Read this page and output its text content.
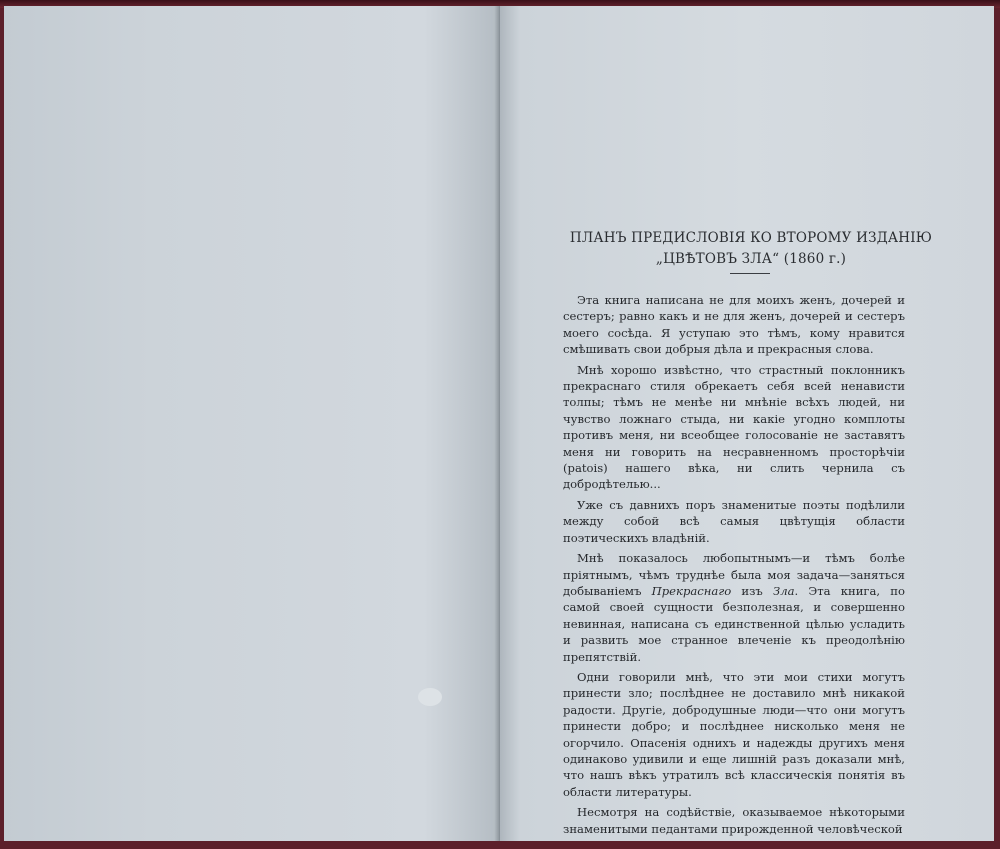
ПЛАНЪ ПРЕДИСЛОВІЯ КО ВТОРОМУ ИЗДАНІЮ
„ЦВѢТОВЪ ЗЛА“ (1860 г.)

Эта книга написана не для моихъ женъ, дочерей и сестеръ; равно какъ и не для женъ, дочерей и сестеръ моего сосѣда. Я уступаю это тѣмъ, кому нравится смѣшивать свои добрыя дѣла и прекрасныя слова.

Мнѣ хорошо извѣстно, что страстный поклонникъ прекраснаго стиля обрекаетъ себя всей ненависти толпы; тѣмъ не менѣе ни мнѣніе всѣхъ людей, ни чувство ложнаго стыда, ни какіе угодно комплоты противъ меня, ни всеобщее голосованіе не заставятъ меня ни говорить на несравненномъ просторѣчіи (patois) нашего вѣка, ни слить чернила съ добродѣтелью...

Уже съ давнихъ поръ знаменитые поэты подѣлили между собой всѣ самыя цвѣтущія области поэтическихъ владѣній.

Мнѣ показалось любопытнымъ—и тѣмъ болѣе пріятнымъ, чѣмъ труднѣе была моя задача—заняться добываніемъ Прекраснаго изъ Зла. Эта книга, по самой своей сущности безполезная, и совершенно невинная, написана съ единственной цѣлью усладить и развить мое странное влеченіе къ преодолѣнію препятствій.

Одни говорили мнѣ, что эти мои стихи могутъ принести зло; послѣднее не доставило мнѣ никакой радости. Другіе, добродушные люди—что они могутъ принести добро; и послѣднее нисколько меня не огорчило. Опасенія однихъ и надежды другихъ меня одинаково удивили и еще лишній разъ доказали мнѣ, что нашъ вѣкъ утратилъ всѣ классическія понятія въ области литературы.

Несмотря на содѣйствіе, оказываемое нѣкоторыми знаменитыми педантами прирожденной человѣческой
